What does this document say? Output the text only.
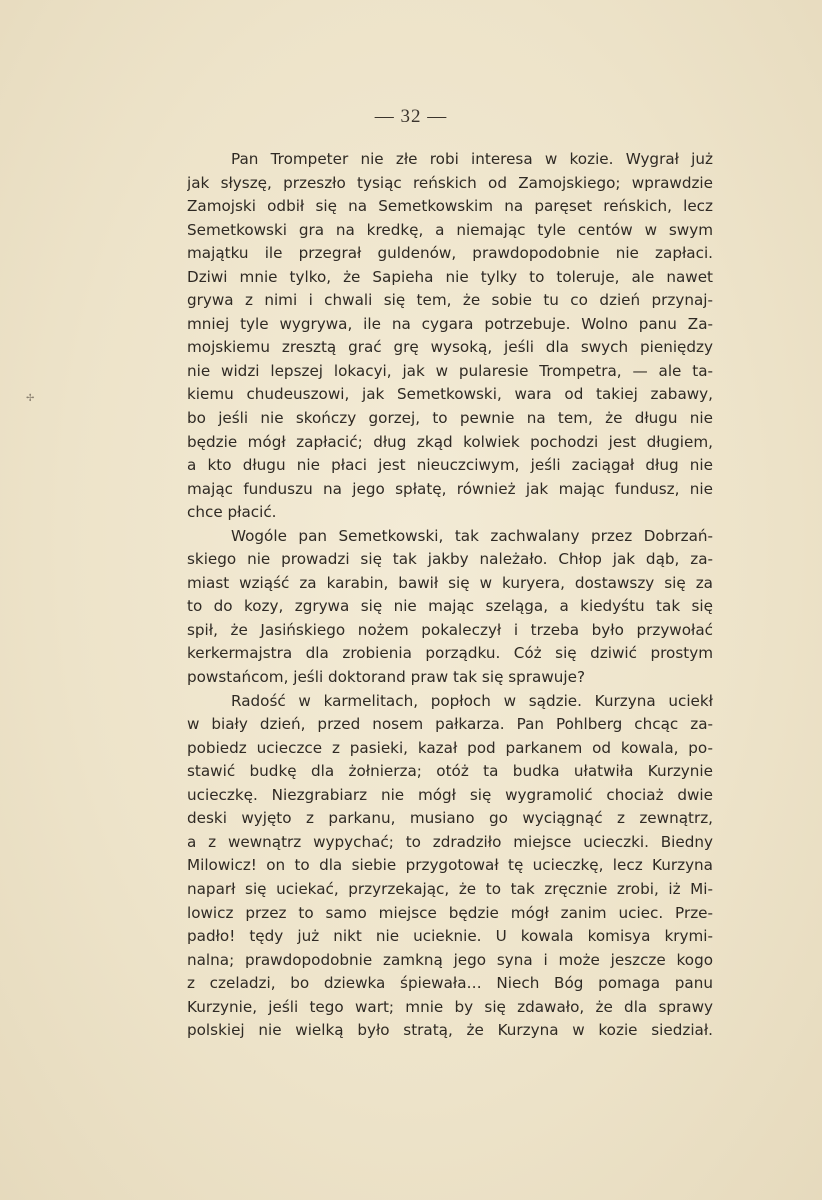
— 32 —
Pan Trompeter nie złe robi interesa w kozie. Wygrał już
jak słyszę, przeszło tysiąc reńskich od Zamojskiego; wprawdzie
Zamojski odbił się na Semetkowskim na paręset reńskich, lecz
Semetkowski gra na kredkę, a niemając tyle centów w swym
majątku ile przegrał guldenów, prawdopodobnie nie zapłaci.
Dziwi mnie tylko, że Sapieha nie tylky to toleruje, ale nawet
grywa z nimi i chwali się tem, że sobie tu co dzień przynaj-
mniej tyle wygrywa, ile na cygara potrzebuje. Wolno panu Za-
mojskiemu zresztą grać grę wysoką, jeśli dla swych pieniędzy
nie widzi lepszej lokacyi, jak w pularesie Trompetra, — ale ta-
kiemu chudeuszowi, jak Semetkowski, wara od takiej zabawy,
bo jeśli nie skończy gorzej, to pewnie na tem, że długu nie
będzie mógł zapłacić; dług zkąd kolwiek pochodzi jest długiem,
a kto długu nie płaci jest nieuczciwym, jeśli zaciągał dług nie
mając funduszu na jego spłatę, również jak mając fundusz, nie
chce płacić.
Wogóle pan Semetkowski, tak zachwalany przez Dobrzań-
skiego nie prowadzi się tak jakby należało. Chłop jak dąb, za-
miast wziąść za karabin, bawił się w kuryera, dostawszy się za
to do kozy, zgrywa się nie mając szeląga, a kiedyśtu tak się
spił, że Jasińskiego nożem pokaleczył i trzeba było przywołać
kerkermajstra dla zrobienia porządku. Cóż się dziwić prostym
powstańcom, jeśli doktorand praw tak się sprawuje?
Radość w karmelitach, popłoch w sądzie. Kurzyna uciekł
w biały dzień, przed nosem pałkarza. Pan Pohlberg chcąc za-
pobiedz ucieczce z pasieki, kazał pod parkanem od kowala, po-
stawić budkę dla żołnierza; otóż ta budka ułatwiła Kurzynie
ucieczkę. Niezgrabiarz nie mógł się wygramolić chociaż dwie
deski wyjęto z parkanu, musiano go wyciągnąć z zewnątrz,
a z wewnątrz wypychać; to zdradziło miejsce ucieczki. Biedny
Milowicz! on to dla siebie przygotował tę ucieczkę, lecz Kurzyna
naparł się uciekać, przyrzekając, że to tak zręcznie zrobi, iż Mi-
lowicz przez to samo miejsce będzie mógł zanim uciec. Prze-
padło! tędy już nikt nie ucieknie. U kowala komisya krymi-
nalna; prawdopodobnie zamkną jego syna i może jeszcze kogo
z czeladzi, bo dziewka śpiewała… Niech Bóg pomaga panu
Kurzynie, jeśli tego wart; mnie by się zdawało, że dla sprawy
polskiej nie wielką było stratą, że Kurzyna w kozie siedział.
✢
